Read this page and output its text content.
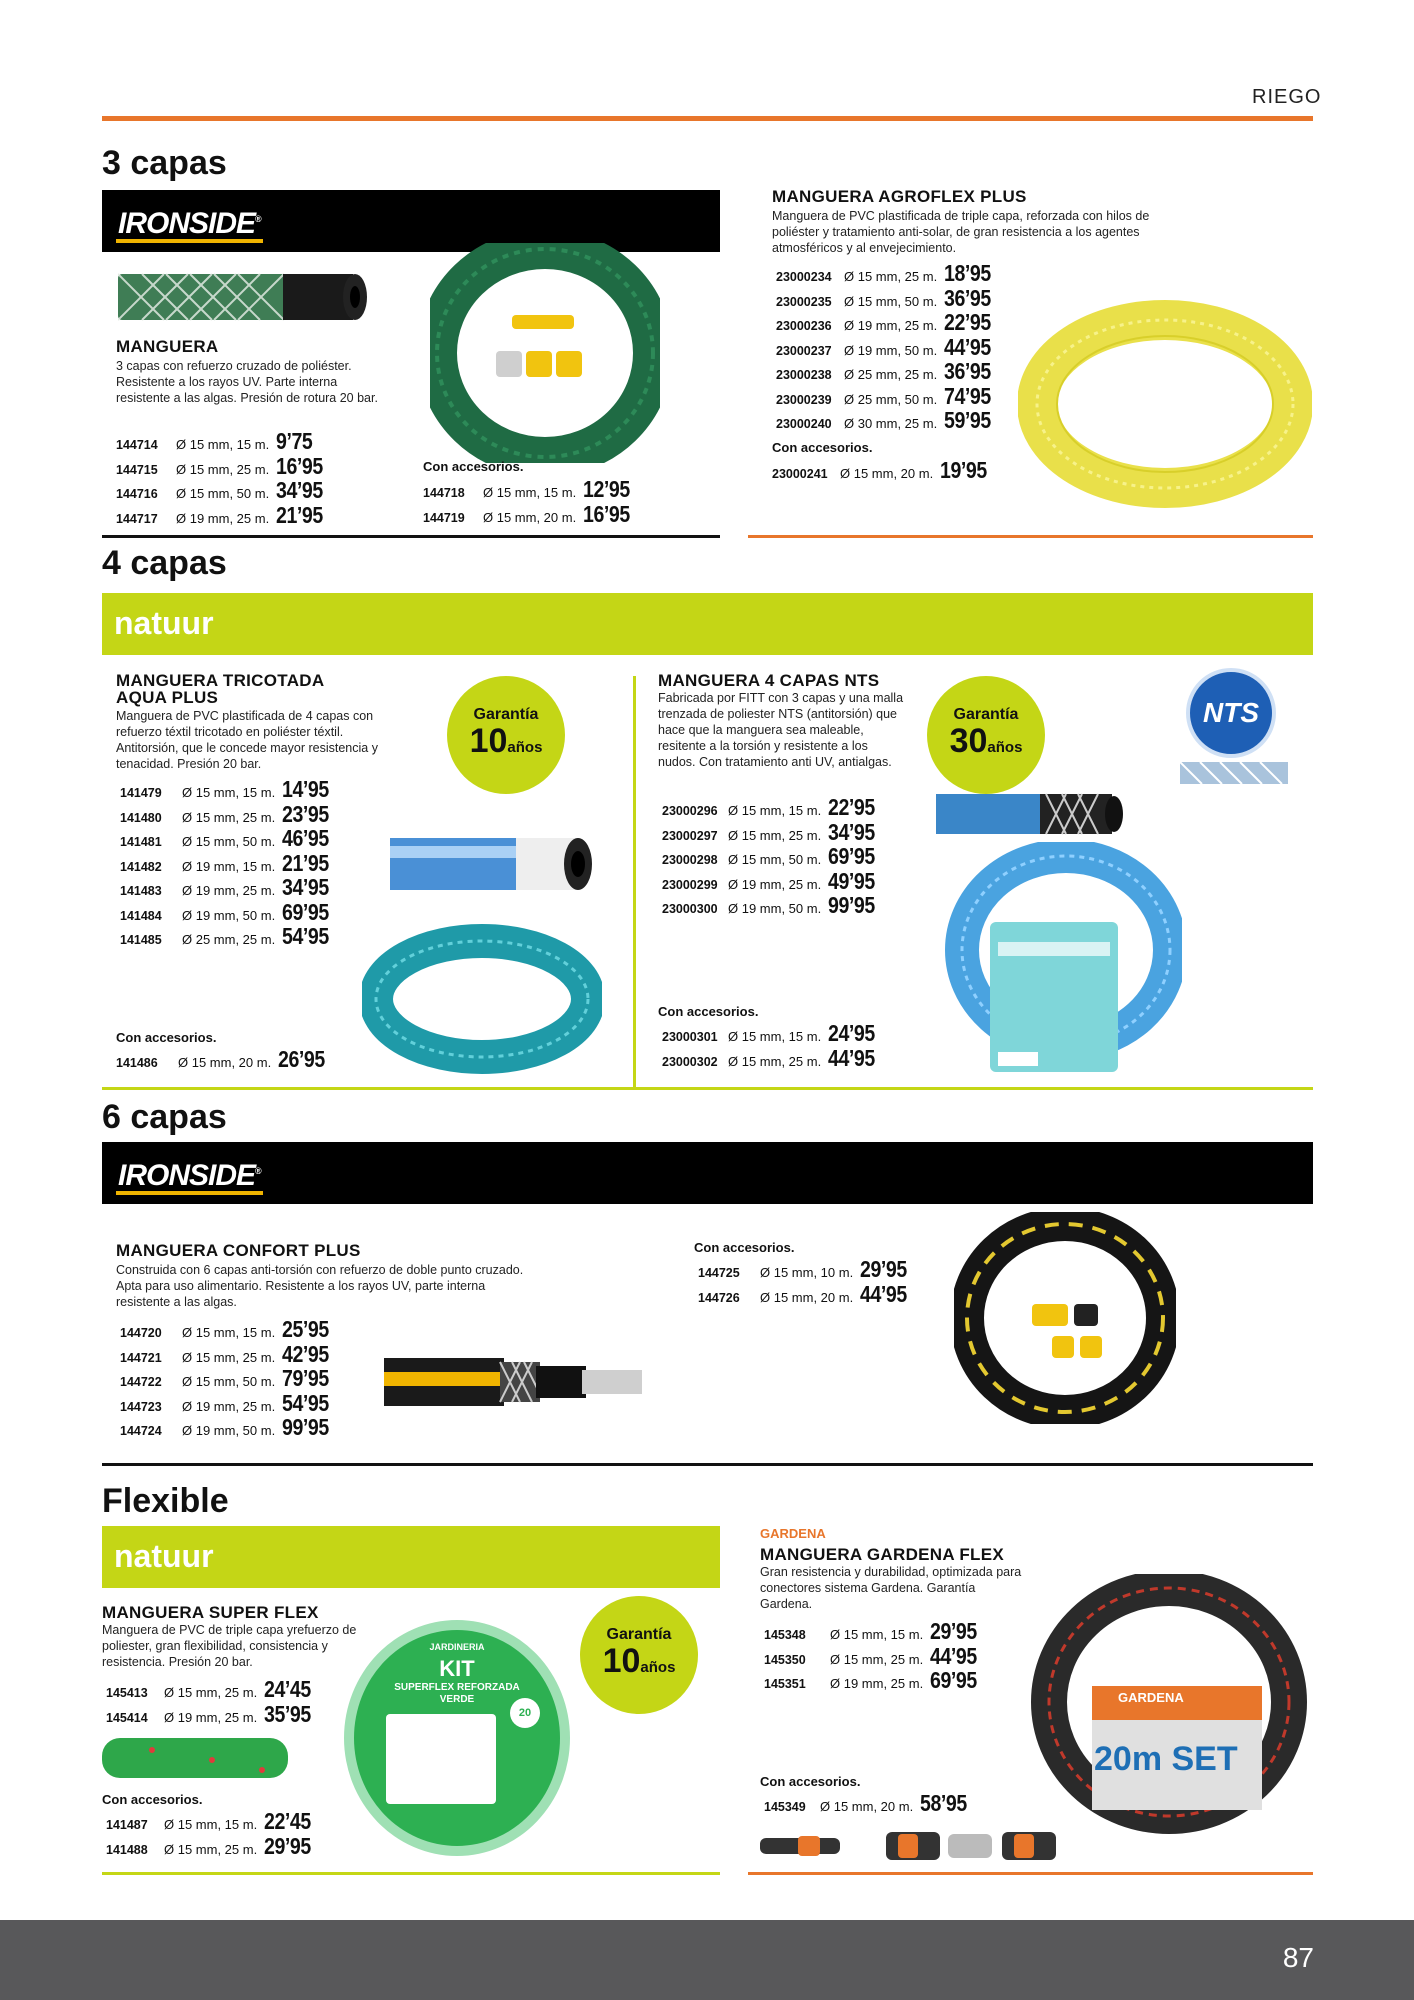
RIEGO
3 capas
IRONSIDE®
MANGUERA
3 capas con refuerzo cruzado de poliéster. Resistente a los rayos UV. Parte interna resistente a las algas. Presión de rotura 20 bar.
144714	Ø 15 mm, 15 m. 9’75
144715	Ø 15 mm, 25 m. 16’95
144716	Ø 15 mm, 50 m. 34’95
144717	Ø 19 mm, 25 m. 21’95
Con accesorios.
144718	Ø 15 mm, 15 m. 12’95
144719	Ø 15 mm, 20 m. 16’95
MANGUERA AGROFLEX PLUS
Manguera de PVC plastificada de triple capa, reforzada con hilos de poliéster y tratamiento anti-solar, de gran resistencia a los agentes atmosféricos y al envejecimiento.
23000234 Ø 15 mm, 25 m. 18’95
23000235 Ø 15 mm, 50 m. 36’95
23000236 Ø 19 mm, 25 m. 22’95
23000237 Ø 19 mm, 50 m. 44’95
23000238 Ø 25 mm, 25 m. 36’95
23000239 Ø 25 mm, 50 m. 74’95
23000240 Ø 30 mm, 25 m. 59’95
Con accesorios.
23000241 Ø 15 mm, 20 m. 19’95
4 capas
natuur
MANGUERA TRICOTADA AQUA PLUS
Manguera de PVC plastificada de 4 capas con refuerzo téxtil tricotado en poliéster téxtil. Antitorsión, que le concede mayor resistencia y tenacidad. Presión 20 bar.
141479	Ø 15 mm, 15 m. 14’95
141480	Ø 15 mm, 25 m. 23’95
141481	Ø 15 mm, 50 m. 46’95
141482	Ø 19 mm, 15 m. 21’95
141483	Ø 19 mm, 25 m. 34’95
141484	Ø 19 mm, 50 m. 69’95
141485	Ø 25 mm, 25 m. 54’95
Garantía
10años
Con accesorios.
141486	Ø 15 mm, 20 m. 26’95
MANGUERA 4 CAPAS NTS
Fabricada por FITT con 3 capas y una malla trenzada de poliester NTS (antitorsión) que hace que la manguera sea maleable, resitente a la torsión y resistente a los nudos. Con tratamiento anti UV, antialgas.
23000296 Ø 15 mm, 15 m. 22’95
23000297 Ø 15 mm, 25 m. 34’95
23000298 Ø 15 mm, 50 m. 69’95
23000299 Ø 19 mm, 25 m. 49’95
23000300 Ø 19 mm, 50 m. 99’95
Garantía
30años
NTS
Con accesorios.
23000301 Ø 15 mm, 15 m. 24’95
23000302 Ø 15 mm, 25 m. 44’95
6 capas
IRONSIDE®
MANGUERA CONFORT PLUS
Construida con 6 capas anti-torsión con refuerzo de doble punto cruzado. Apta para uso alimentario. Resistente a los rayos UV, parte interna resistente a las algas.
144720	Ø 15 mm, 15 m. 25’95
144721	Ø 15 mm, 25 m. 42’95
144722	Ø 15 mm, 50 m. 79’95
144723	Ø 19 mm, 25 m. 54’95
144724	Ø 19 mm, 50 m. 99’95
Con accesorios.
144725	Ø 15 mm, 10 m. 29’95
144726	Ø 15 mm, 20 m. 44’95
Flexible
natuur
MANGUERA SUPER FLEX
Manguera de PVC de triple capa yrefuerzo de poliester, gran flexibilidad, consistencia y resistencia. Presión 20 bar.
145413	Ø 15 mm, 25 m. 24’45
145414	Ø 19 mm, 25 m. 35’95
Con accesorios.
141487	Ø 15 mm, 15 m. 22’45
141488	Ø 15 mm, 25 m. 29’95
JARDINERIA
KIT
SUPERFLEX REFORZADA VERDE
20
Garantía
10años
GARDENA
MANGUERA GARDENA FLEX
Gran resistencia y durabilidad, optimizada para conectores sistema Gardena. Garantía Gardena.
145348	Ø 15 mm, 15 m. 29’95
145350	Ø 15 mm, 25 m. 44’95
145351	Ø 19 mm, 25 m. 69’95
Con accesorios.
145349	Ø 15 mm, 20 m. 58’95
GARDENA
20m SET
87
